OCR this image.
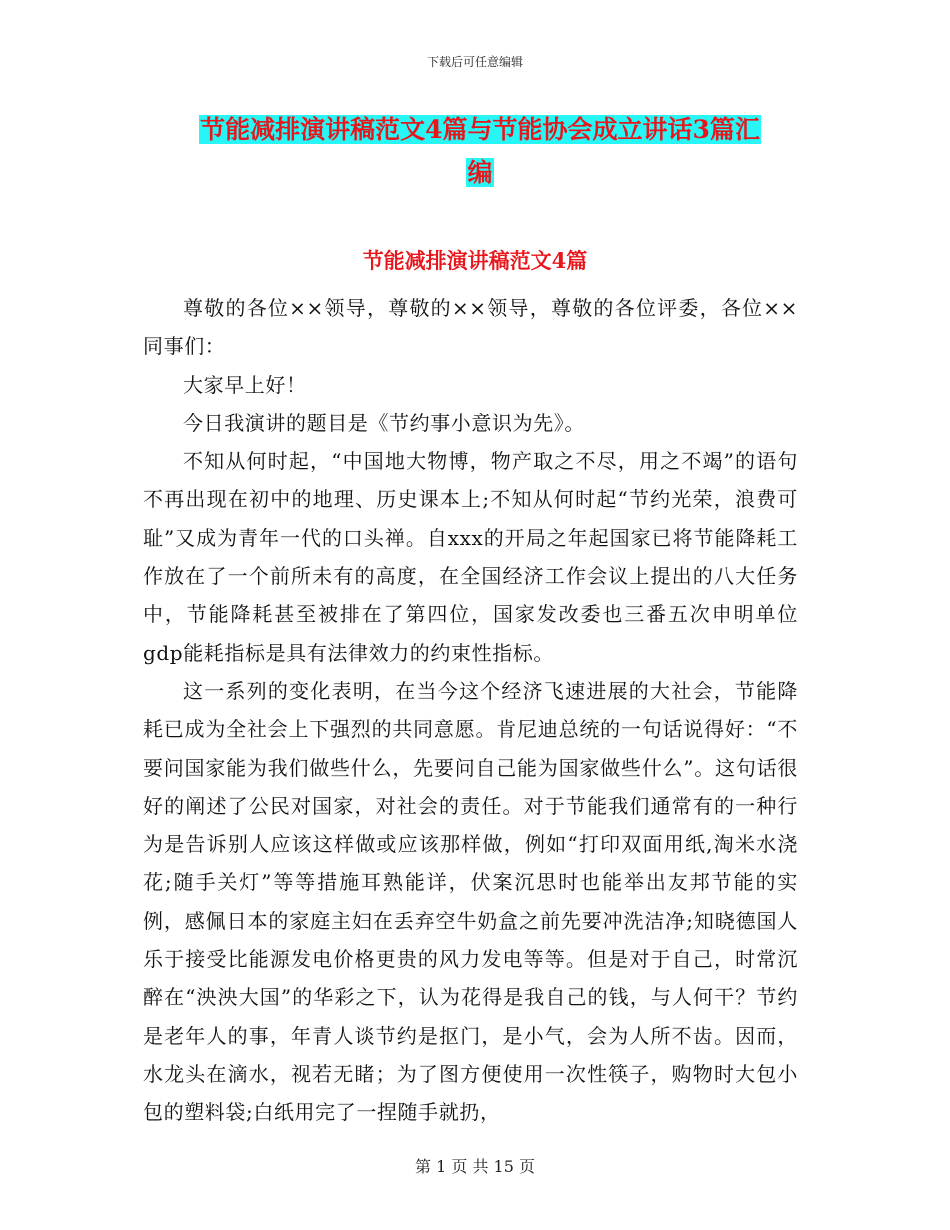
下载后可任意编辑
节能减排演讲稿范文4篇与节能协会成立讲话3篇汇
编
节能减排演讲稿范文4篇

尊敬的各位××领导，尊敬的××领导，尊敬的各位评委，各位××同事们：

大家早上好！

今日我演讲的题目是《节约事小意识为先》。

不知从何时起，“中国地大物博，物产取之不尽，用之不竭”的语句不再出现在初中的地理、历史课本上;不知从何时起“节约光荣，浪费可耻”又成为青年一代的口头禅。自xxx的开局之年起国家已将节能降耗工作放在了一个前所未有的高度，在全国经济工作会议上提出的八大任务中，节能降耗甚至被排在了第四位，国家发改委也三番五次申明单位gdp能耗指标是具有法律效力的约束性指标。

这一系列的变化表明，在当今这个经济飞速进展的大社会，节能降耗已成为全社会上下强烈的共同意愿。肯尼迪总统的一句话说得好：“不要问国家能为我们做些什么，先要问自己能为国家做些什么”。这句话很好的阐述了公民对国家，对社会的责任。对于节能我们通常有的一种行为是告诉别人应该这样做或应该那样做，例如“打印双面用纸,淘米水浇花;随手关灯”等等措施耳熟能详，伏案沉思时也能举出友邦节能的实例，感佩日本的家庭主妇在丢弃空牛奶盒之前先要冲洗洁净;知晓德国人乐于接受比能源发电价格更贵的风力发电等等。但是对于自己，时常沉醉在“泱泱大国”的华彩之下，认为花得是我自己的钱，与人何干？节约是老年人的事，年青人谈节约是抠门，是小气，会为人所不齿。因而，水龙头在滴水，视若无睹；为了图方便使用一次性筷子，购物时大包小包的塑料袋;白纸用完了一捏随手就扔，

第 1 页 共 15 页
